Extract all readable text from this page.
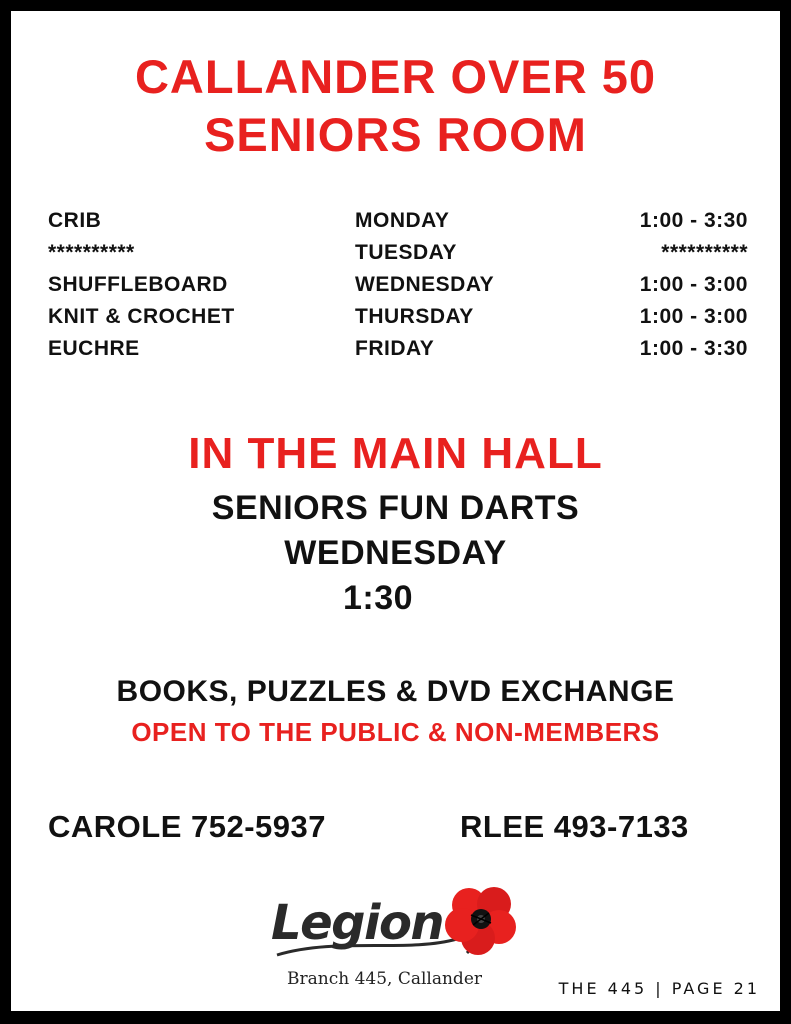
CALLANDER OVER 50
SENIORS ROOM
CRIB	MONDAY	1:00 - 3:30
**********	TUESDAY	**********
SHUFFLEBOARD	WEDNESDAY	1:00 - 3:00
KNIT & CROCHET	THURSDAY	1:00 - 3:00
EUCHRE	FRIDAY	1:00 - 3:30
IN THE MAIN HALL
SENIORS FUN DARTS
WEDNESDAY
1:30
BOOKS, PUZZLES & DVD EXCHANGE
OPEN TO THE PUBLIC & NON-MEMBERS
CAROLE 752-5937	RLEE 493-7133
Legion
Branch 445, Callander	THE 445 | PAGE 21
